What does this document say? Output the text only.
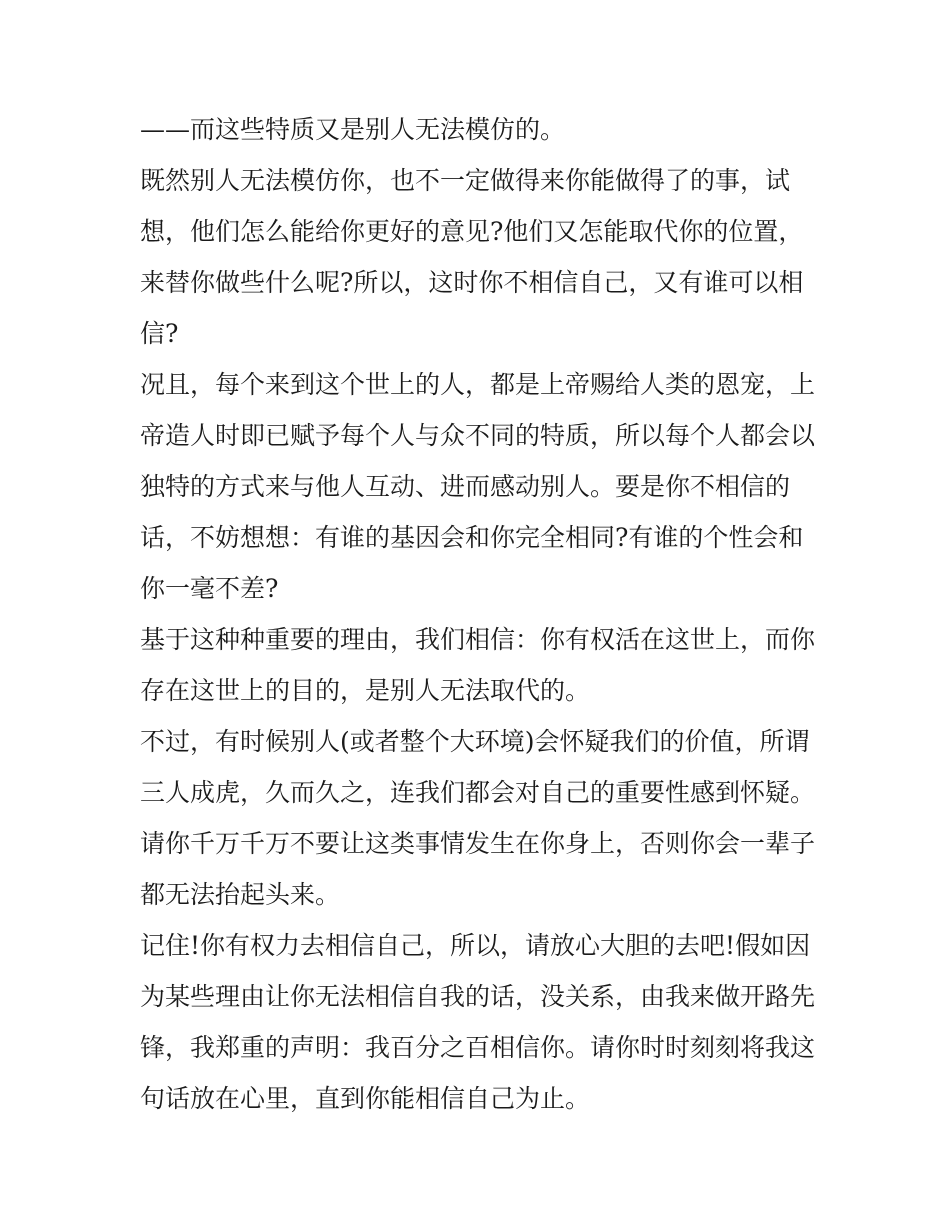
——而这些特质又是别人无法模仿的。

既然别人无法模仿你，也不一定做得来你能做得了的事，试
想，他们怎么能给你更好的意见?他们又怎能取代你的位置，
来替你做些什么呢?所以，这时你不相信自己，又有谁可以相
信?

况且，每个来到这个世上的人，都是上帝赐给人类的恩宠，上
帝造人时即已赋予每个人与众不同的特质，所以每个人都会以
独特的方式来与他人互动、进而感动别人。要是你不相信的
话，不妨想想：有谁的基因会和你完全相同?有谁的个性会和
你一毫不差?

基于这种种重要的理由，我们相信：你有权活在这世上，而你
存在这世上的目的，是别人无法取代的。

不过，有时候别人(或者整个大环境)会怀疑我们的价值，所谓
三人成虎，久而久之，连我们都会对自己的重要性感到怀疑。
请你千万千万不要让这类事情发生在你身上，否则你会一辈子
都无法抬起头来。

记住!你有权力去相信自己，所以，请放心大胆的去吧!假如因
为某些理由让你无法相信自我的话，没关系，由我来做开路先
锋，我郑重的声明：我百分之百相信你。请你时时刻刻将我这
句话放在心里，直到你能相信自己为止。
